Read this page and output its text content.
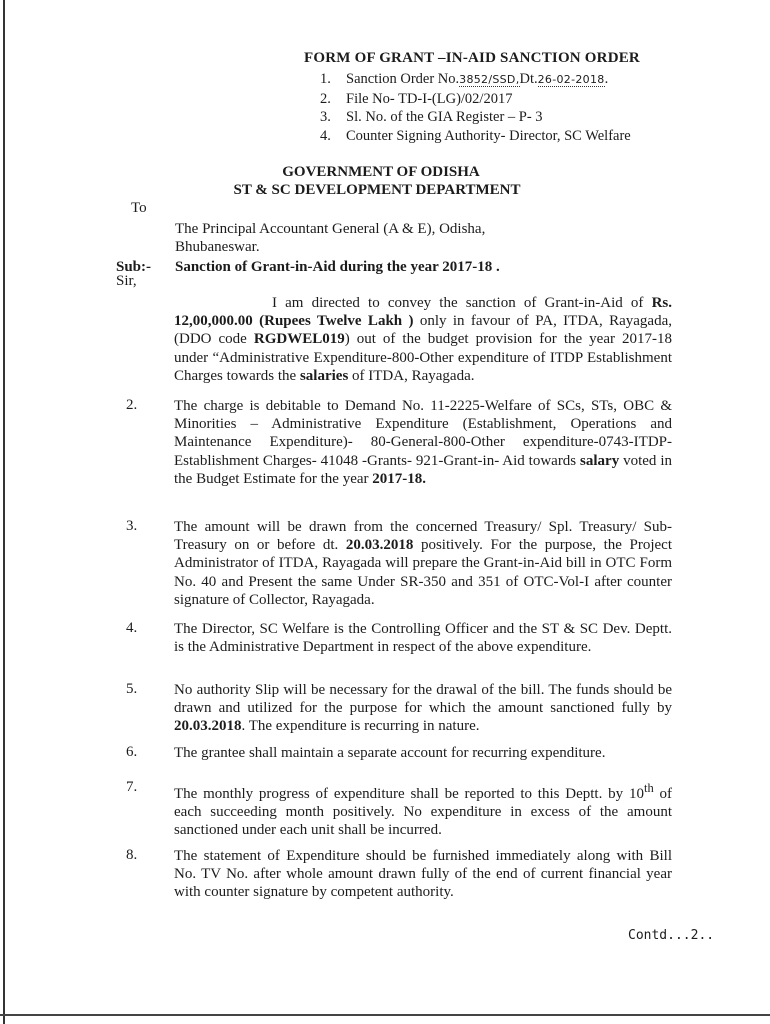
FORM OF GRANT –IN-AID SANCTION ORDER
1. Sanction Order No.3852/SSD,Dt.26-02-2018.
2. File No- TD-I-(LG)/02/2017
3. Sl. No. of the GIA Register – P- 3
4. Counter Signing Authority- Director, SC Welfare
GOVERNMENT OF ODISHA
ST & SC DEVELOPMENT DEPARTMENT
To
The Principal Accountant General (A & E), Odisha,
Bhubaneswar.
Sub:- Sanction of Grant-in-Aid during the year 2017-18 .
Sir,

I am directed to convey the sanction of Grant-in-Aid of Rs. 12,00,000.00 (Rupees Twelve Lakh ) only in favour of PA, ITDA, Rayagada, (DDO code RGDWEL019) out of the budget provision for the year 2017-18 under “Administrative Expenditure-800-Other expenditure of ITDP Establishment Charges towards the salaries of ITDA, Rayagada.

2. The charge is debitable to Demand No. 11-2225-Welfare of SCs, STs, OBC & Minorities – Administrative Expenditure (Establishment, Operations and Maintenance Expenditure)- 80-General-800-Other expenditure-0743-ITDP-Establishment Charges- 41048 -Grants- 921-Grant-in- Aid towards salary voted in the Budget Estimate for the year 2017-18.

3. The amount will be drawn from the concerned Treasury/ Spl. Treasury/ Sub-Treasury on or before dt. 20.03.2018 positively. For the purpose, the Project Administrator of ITDA, Rayagada will prepare the Grant-in-Aid bill in OTC Form No. 40 and Present the same Under SR-350 and 351 of OTC-Vol-I after counter signature of Collector, Rayagada.

4. The Director, SC Welfare is the Controlling Officer and the ST & SC Dev. Deptt. is the Administrative Department in respect of the above expenditure.

5. No authority Slip will be necessary for the drawal of the bill. The funds should be drawn and utilized for the purpose for which the amount sanctioned fully by 20.03.2018. The expenditure is recurring in nature.

6. The grantee shall maintain a separate account for recurring expenditure.

7. The monthly progress of expenditure shall be reported to this Deptt. by 10th of each succeeding month positively. No expenditure in excess of the amount sanctioned under each unit shall be incurred.

8. The statement of Expenditure should be furnished immediately along with Bill No. TV No. after whole amount drawn fully of the end of current financial year with counter signature by competent authority.

Contd...2..
